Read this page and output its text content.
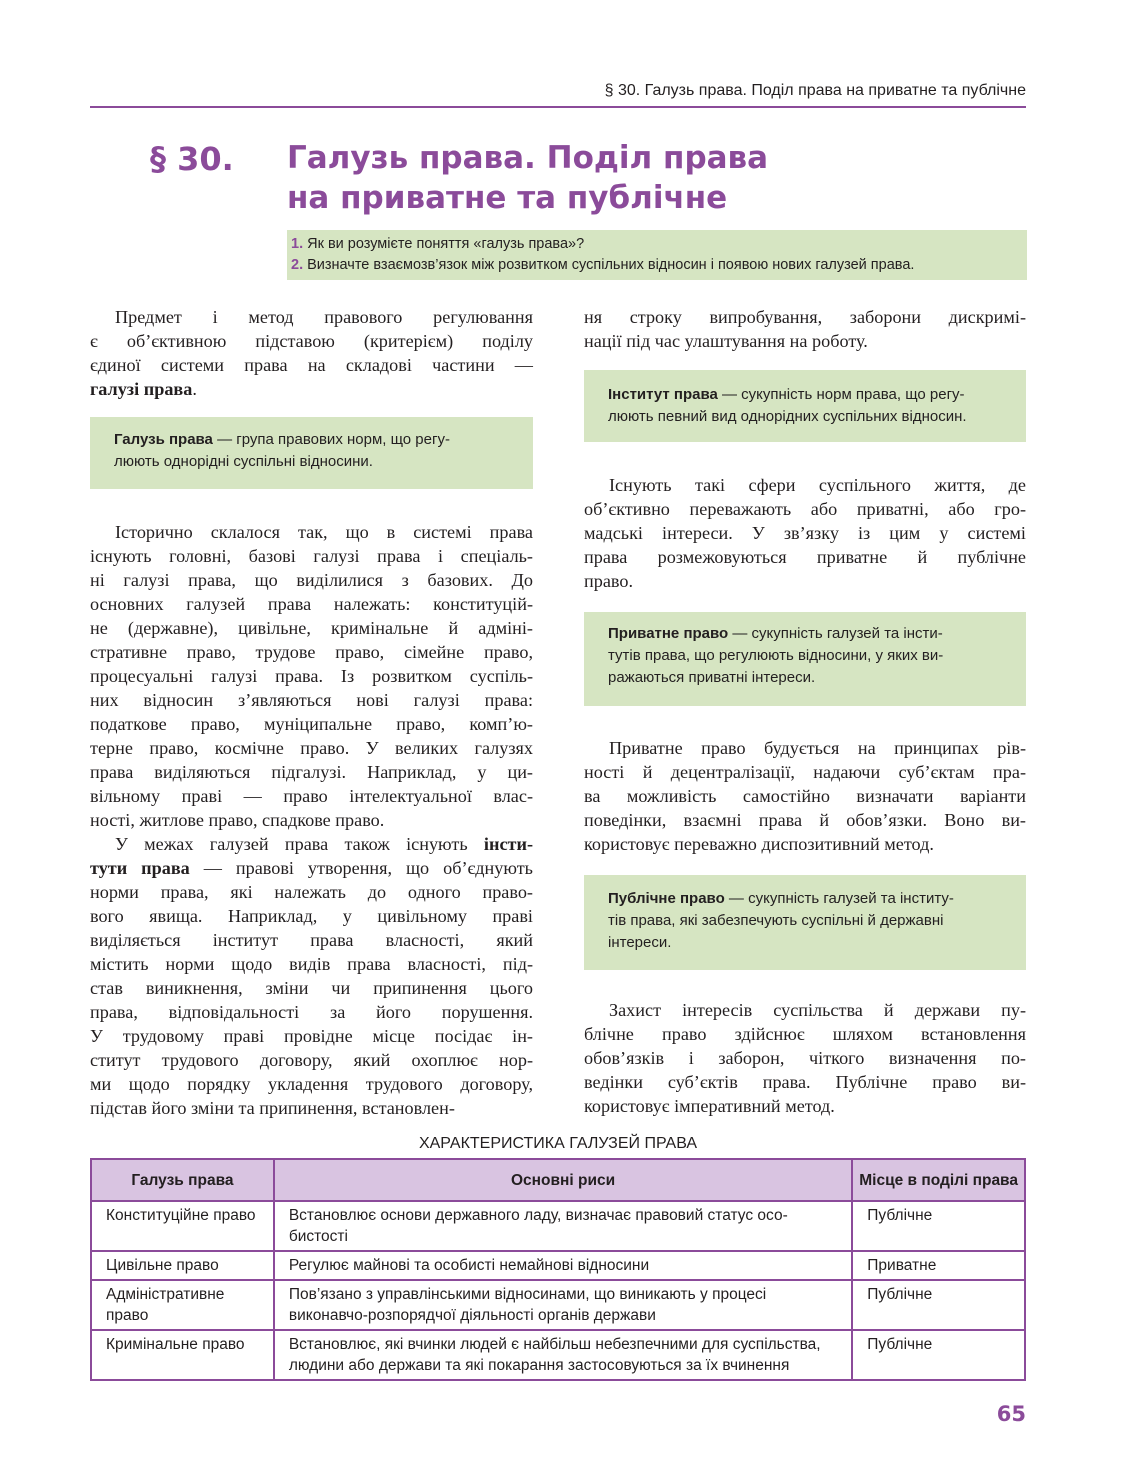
§ 30. Галузь права. Поділ права на приватне та публічне
§ 30. Галузь права. Поділ права
на приватне та публічне
1. Як ви розумієте поняття «галузь права»?
2. Визначте взаємозв’язок між розвитком суспільних відносин і появою нових галузей права.
Предмет і метод правового регулювання
є об’єктивною підставою (критерієм) поділу
єдиної системи права на складові частини —
галузі права.
Галузь права — група правових норм, що регу-
люють однорідні суспільні відносини.
Історично склалося так, що в системі права
існують головні, базові галузі права і спеціаль-
ні галузі права, що виділилися з базових. До
основних галузей права належать: конституцій-
не (державне), цивільне, кримінальне й адміні-
стративне право, трудове право, сімейне право,
процесуальні галузі права. Із розвитком суспіль-
них відносин з’являються нові галузі права:
податкове право, муніципальне право, комп’ю-
терне право, космічне право. У великих галузях
права виділяються підгалузі. Наприклад, у ци-
вільному праві — право інтелектуальної влас-
ності, житлове право, спадкове право.
У межах галузей права також існують інсти-
тути права — правові утворення, що об’єднують
норми права, які належать до одного право-
вого явища. Наприклад, у цивільному праві
виділяється інститут права власності, який
містить норми щодо видів права власності, під-
став виникнення, зміни чи припинення цього
права, відповідальності за його порушення.
У трудовому праві провідне місце посідає ін-
ститут трудового договору, який охоплює нор-
ми щодо порядку укладення трудового договору,
підстав його зміни та припинення, встановлен-
ня строку випробування, заборони дискримі-
нації під час улаштування на роботу.
Інститут права — сукупність норм права, що регу-
люють певний вид однорідних суспільних відносин.
Існують такі сфери суспільного життя, де
об’єктивно переважають або приватні, або гро-
мадські інтереси. У зв’язку із цим у системі
права розмежовуються приватне й публічне
право.
Приватне право — сукупність галузей та інсти-
тутів права, що регулюють відносини, у яких ви-
ражаються приватні інтереси.
Приватне право будується на принципах рів-
ності й децентралізації, надаючи суб’єктам пра-
ва можливість самостійно визначати варіанти
поведінки, взаємні права й обов’язки. Воно ви-
користовує переважно диспозитивний метод.
Публічне право — сукупність галузей та інститу-
тів права, які забезпечують суспільні й державні
інтереси.
Захист інтересів суспільства й держави пу-
блічне право здійснює шляхом встановлення
обов’язків і заборон, чіткого визначення по-
ведінки суб’єктів права. Публічне право ви-
користовує імперативний метод.
ХАРАКТЕРИСТИКА ГАЛУЗЕЙ ПРАВА
Галузь права	Основні риси	Місце в поділі права
Конституційне право	Встановлює основи державного ладу, визначає правовий статус осо- бистості	Публічне
Цивільне право	Регулює майнові та особисті немайнові відносини	Приватне
Адміністративне право	Пов’язано з управлінськими відносинами, що виникають у процесі виконавчо-розпорядчої діяльності органів держави	Публічне
Кримінальне право	Встановлює, які вчинки людей є найбільш небезпечними для суспільства, людини або держави та які покарання застосовуються за їх вчинення	Публічне
65
